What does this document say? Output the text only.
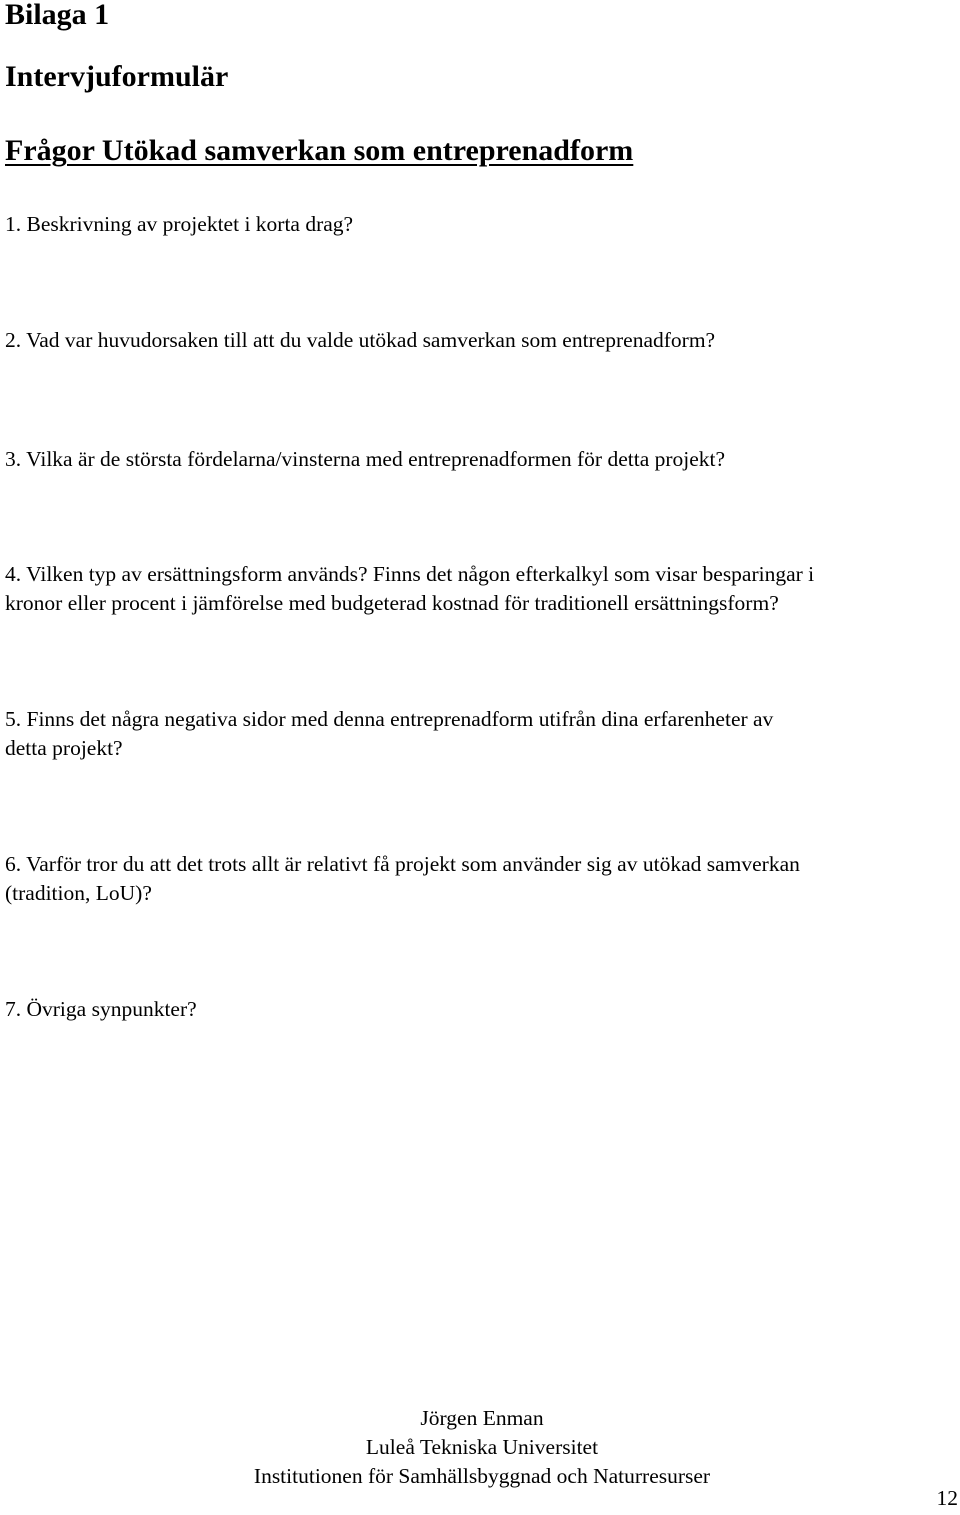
Bilaga 1
Intervjuformulär
Frågor Utökad samverkan som entreprenadform

1. Beskrivning av projektet i korta drag?

2. Vad var huvudorsaken till att du valde utökad samverkan som entreprenadform?

3. Vilka är de största fördelarna/vinsterna med entreprenadformen för detta projekt?

4. Vilken typ av ersättningsform används? Finns det någon efterkalkyl som visar besparingar i
kronor eller procent i jämförelse med budgeterad kostnad för traditionell ersättningsform?

5. Finns det några negativa sidor med denna entreprenadform utifrån dina erfarenheter av
detta projekt?

6. Varför tror du att det trots allt är relativt få projekt som använder sig av utökad samverkan
(tradition, LoU)?

7. Övriga synpunkter?

Jörgen Enman
Luleå Tekniska Universitet
Institutionen för Samhällsbyggnad och Naturresurser
12
